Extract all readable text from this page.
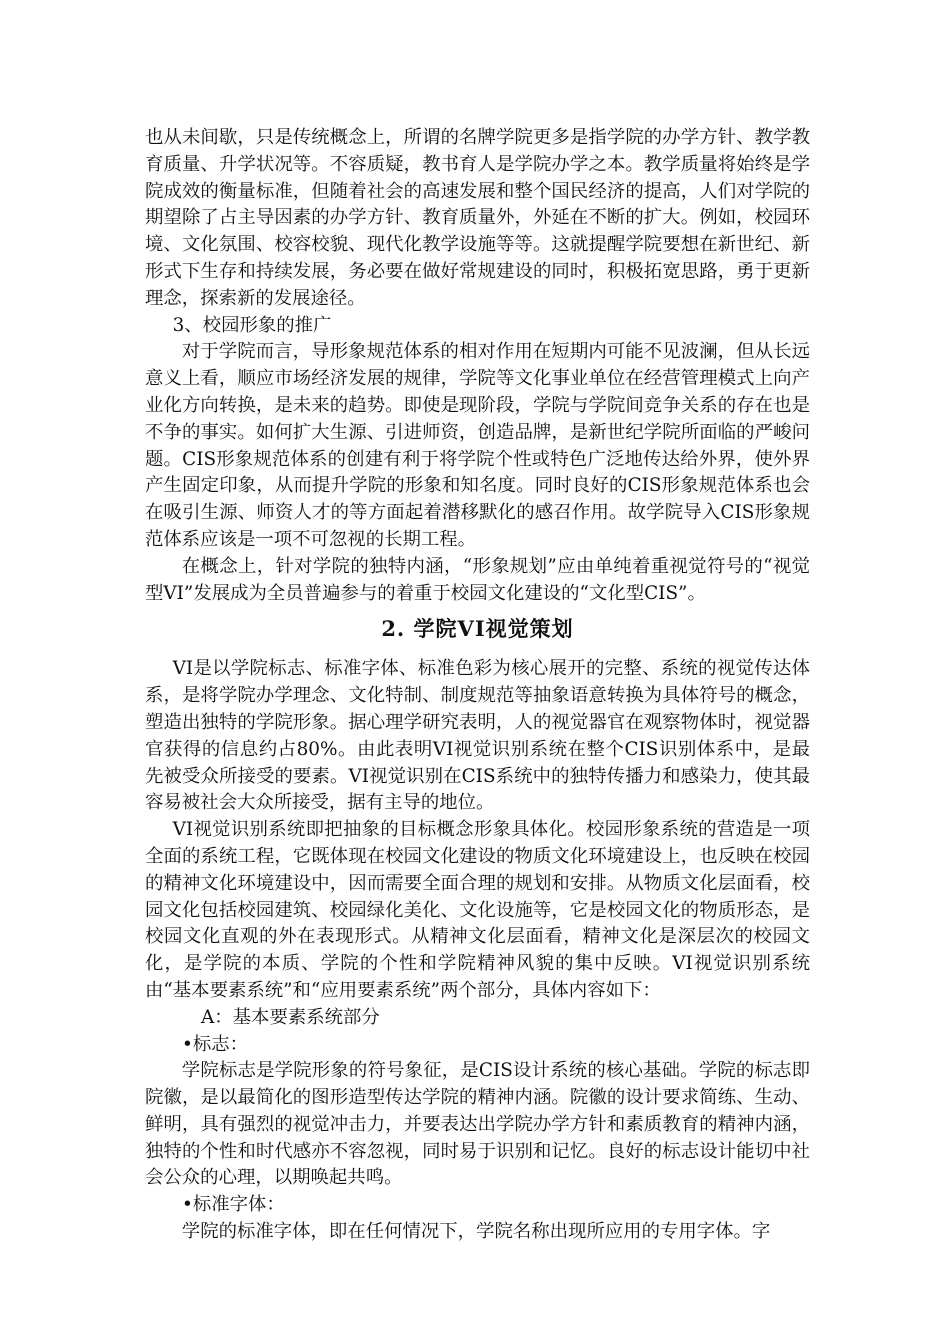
也从未间歇，只是传统概念上，所谓的名牌学院更多是指学院的办学方针、教学教育质量、升学状况等。不容质疑，教书育人是学院办学之本。教学质量将始终是学院成效的衡量标准，但随着社会的高速发展和整个国民经济的提高，人们对学院的期望除了占主导因素的办学方针、教育质量外，外延在不断的扩大。例如，校园环境、文化氛围、校容校貌、现代化教学设施等等。这就提醒学院要想在新世纪、新形式下生存和持续发展，务必要在做好常规建设的同时，积极拓宽思路，勇于更新理念，探索新的发展途径。

3、校园形象的推广

对于学院而言，导形象规范体系的相对作用在短期内可能不见波澜，但从长远意义上看，顺应市场经济发展的规律，学院等文化事业单位在经营管理模式上向产业化方向转换，是未来的趋势。即使是现阶段，学院与学院间竞争关系的存在也是不争的事实。如何扩大生源、引进师资，创造品牌，是新世纪学院所面临的严峻问题。CIS形象规范体系的创建有利于将学院个性或特色广泛地传达给外界，使外界产生固定印象，从而提升学院的形象和知名度。同时良好的CIS形象规范体系也会在吸引生源、师资人才的等方面起着潜移默化的感召作用。故学院导入CIS形象规范体系应该是一项不可忽视的长期工程。

在概念上，针对学院的独特内涵，“形象规划”应由单纯着重视觉符号的“视觉型VI”发展成为全员普遍参与的着重于校园文化建设的“文化型CIS”。

2. 学院VI视觉策划

VI是以学院标志、标准字体、标准色彩为核心展开的完整、系统的视觉传达体系，是将学院办学理念、文化特制、制度规范等抽象语意转换为具体符号的概念，塑造出独特的学院形象。据心理学研究表明，人的视觉器官在观察物体时，视觉器官获得的信息约占80%。由此表明VI视觉识别系统在整个CIS识别体系中，是最先被受众所接受的要素。VI视觉识别在CIS系统中的独特传播力和感染力，使其最容易被社会大众所接受，据有主导的地位。

VI视觉识别系统即把抽象的目标概念形象具体化。校园形象系统的营造是一项全面的系统工程，它既体现在校园文化建设的物质文化环境建设上，也反映在校园的精神文化环境建设中，因而需要全面合理的规划和安排。从物质文化层面看，校园文化包括校园建筑、校园绿化美化、文化设施等，它是校园文化的物质形态，是校园文化直观的外在表现形式。从精神文化层面看，精神文化是深层次的校园文化，是学院的本质、学院的个性和学院精神风貌的集中反映。VI视觉识别系统由“基本要素系统”和“应用要素系统”两个部分，具体内容如下：

A：基本要素系统部分

•标志：

学院标志是学院形象的符号象征，是CIS设计系统的核心基础。学院的标志即院徽，是以最简化的图形造型传达学院的精神内涵。院徽的设计要求简练、生动、鲜明，具有强烈的视觉冲击力，并要表达出学院办学方针和素质教育的精神内涵，独特的个性和时代感亦不容忽视，同时易于识别和记忆。良好的标志设计能切中社会公众的心理，以期唤起共鸣。

•标准字体：

学院的标准字体，即在任何情况下，学院名称出现所应用的专用字体。字
